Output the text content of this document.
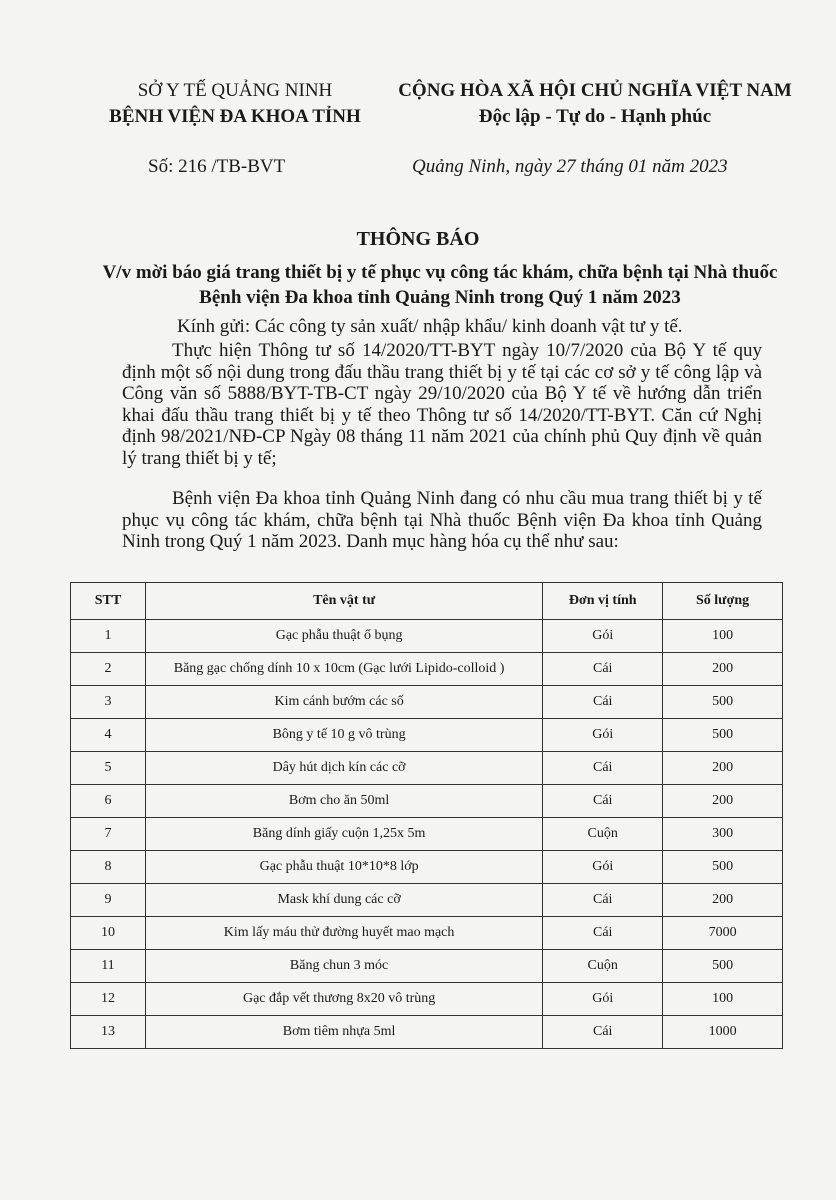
SỞ Y TẾ QUẢNG NINH
BỆNH VIỆN ĐA KHOA TỈNH
CỘNG HÒA XÃ HỘI CHỦ NGHĨA VIỆT NAM
Độc lập - Tự do - Hạnh phúc
Số: 216 /TB-BVT	Quảng Ninh, ngày 27 tháng 01 năm 2023
THÔNG BÁO
V/v mời báo giá trang thiết bị y tế phục vụ công tác khám, chữa bệnh tại Nhà thuốc Bệnh viện Đa khoa tỉnh Quảng Ninh trong Quý 1 năm 2023
Kính gửi: Các công ty sản xuất/ nhập khẩu/ kinh doanh vật tư y tế.
Thực hiện Thông tư số 14/2020/TT-BYT ngày 10/7/2020 của Bộ Y tế quy định một số nội dung trong đấu thầu trang thiết bị y tế tại các cơ sở y tế công lập và Công văn số 5888/BYT-TB-CT ngày 29/10/2020 của Bộ Y tế về hướng dẫn triển khai đấu thầu trang thiết bị y tế theo Thông tư số 14/2020/TT-BYT. Căn cứ Nghị định 98/2021/NĐ-CP Ngày 08 tháng 11 năm 2021 của chính phủ Quy định về quản lý trang thiết bị y tế;
Bệnh viện Đa khoa tỉnh Quảng Ninh đang có nhu cầu mua trang thiết bị y tế phục vụ công tác khám, chữa bệnh tại Nhà thuốc Bệnh viện Đa khoa tỉnh Quảng Ninh trong Quý 1 năm 2023. Danh mục hàng hóa cụ thể như sau:
STT	Tên vật tư	Đơn vị tính	Số lượng
1	Gạc phẫu thuật ổ bụng	Gói	100
2	Băng gạc chống dính 10 x 10cm (Gạc lưới Lipido-colloid )	Cái	200
3	Kim cánh bướm các số	Cái	500
4	Bông y tế 10 g vô trùng	Gói	500
5	Dây hút dịch kín các cỡ	Cái	200
6	Bơm cho ăn 50ml	Cái	200
7	Băng dính giấy cuộn 1,25x 5m	Cuộn	300
8	Gạc phẫu thuật 10*10*8 lớp	Gói	500
9	Mask khí dung các cỡ	Cái	200
10	Kim lấy máu thử đường huyết mao mạch	Cái	7000
11	Băng chun 3 móc	Cuộn	500
12	Gạc đắp vết thương 8x20 vô trùng	Gói	100
13	Bơm tiêm nhựa 5ml	Cái	1000
